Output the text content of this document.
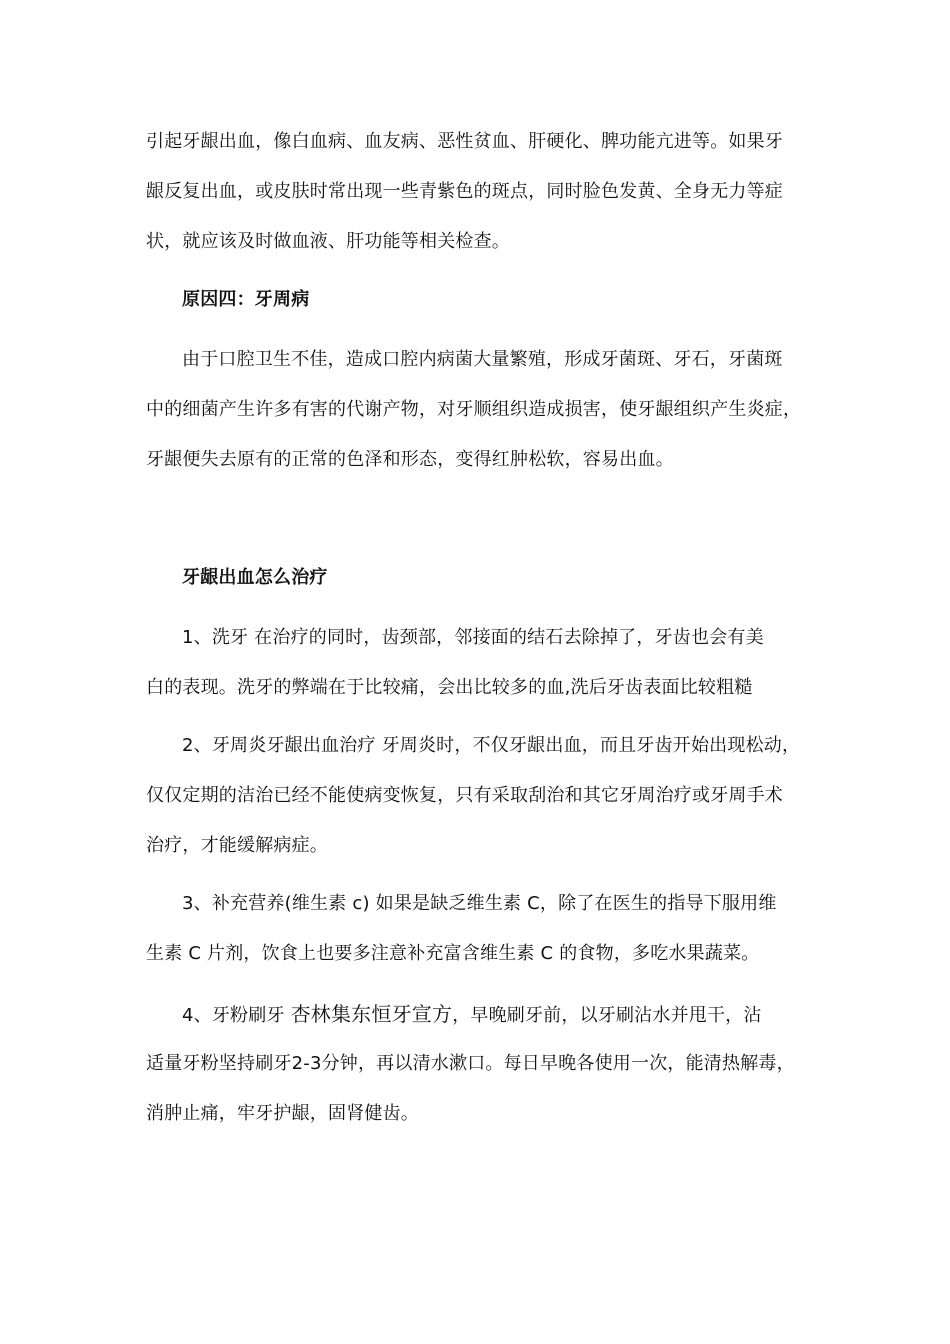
引起牙龈出血，像白血病、血友病、恶性贫血、肝硬化、脾功能亢进等。如果牙
龈反复出血，或皮肤时常出现一些青紫色的斑点，同时脸色发黄、全身无力等症
状，就应该及时做血液、肝功能等相关检查。
原因四：牙周病
由于口腔卫生不佳，造成口腔内病菌大量繁殖，形成牙菌斑、牙石，牙菌斑
中的细菌产生许多有害的代谢产物，对牙顺组织造成损害，使牙龈组织产生炎症，
牙龈便失去原有的正常的色泽和形态，变得红肿松软，容易出血。
牙龈出血怎么治疗
1、洗牙 在治疗的同时，齿颈部，邻接面的结石去除掉了，牙齿也会有美
白的表现。洗牙的弊端在于比较痛，会出比较多的血,洗后牙齿表面比较粗糙
2、牙周炎牙龈出血治疗 牙周炎时，不仅牙龈出血，而且牙齿开始出现松动，
仅仅定期的洁治已经不能使病变恢复，只有采取刮治和其它牙周治疗或牙周手术
治疗，才能缓解病症。
3、补充营养(维生素 c) 如果是缺乏维生素 C，除了在医生的指导下服用维
生素 C 片剂，饮食上也要多注意补充富含维生素 C 的食物，多吃水果蔬菜。
4、牙粉刷牙 杏林集东恒牙宣方，早晚刷牙前，以牙刷沾水并甩干，沾
适量牙粉坚持刷牙2-3分钟，再以清水漱口。每日早晚各使用一次，能清热解毒，
消肿止痛，牢牙护龈，固肾健齿。
